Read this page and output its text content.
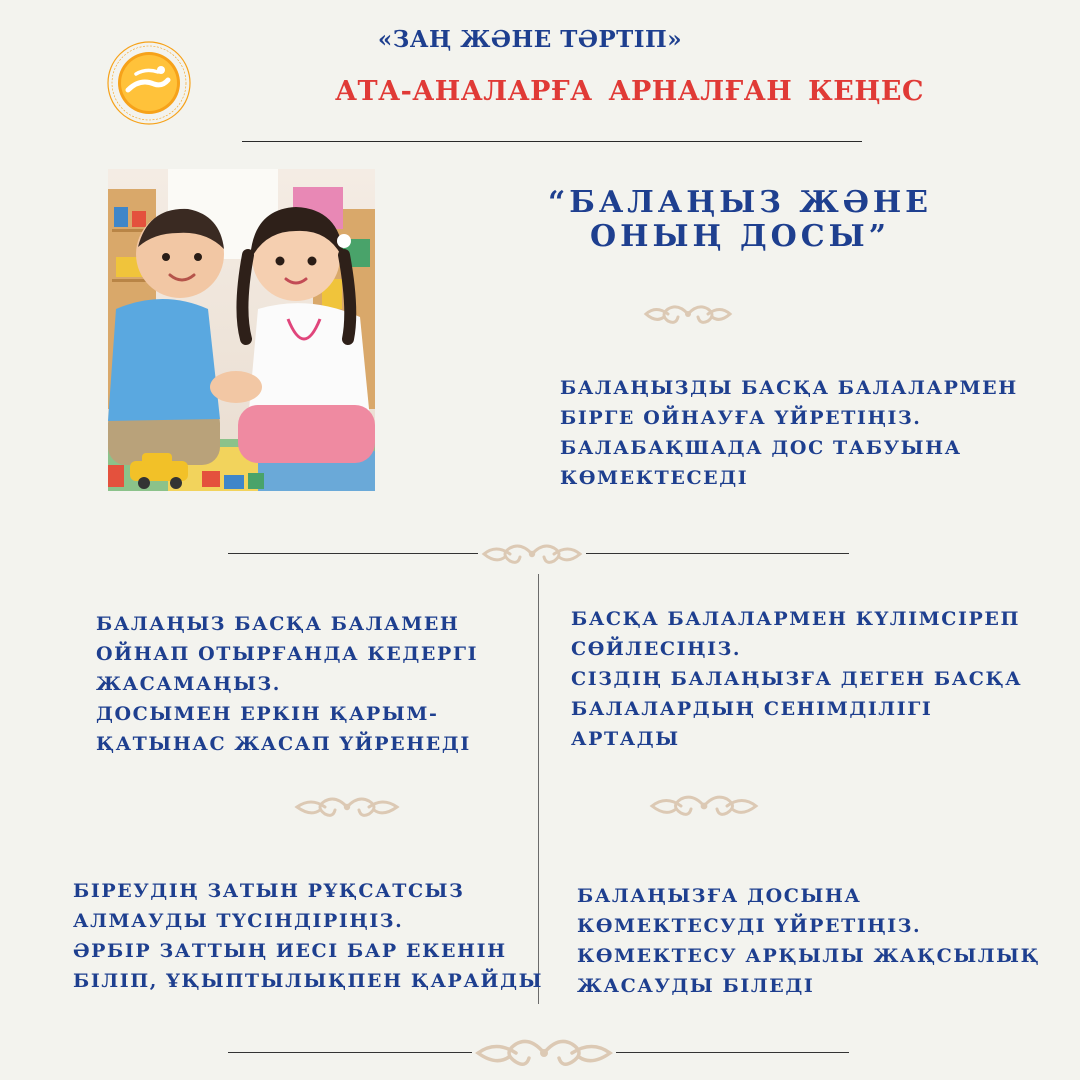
«ЗАҢ ЖӘНЕ ТӘРТІП»
АТА-АНАЛАРҒА АРНАЛҒАН КЕҢЕС
“БАЛАҢЫЗ ЖӘНЕ
ОНЫҢ ДОСЫ”
БАЛАҢЫЗДЫ БАСҚА БАЛАЛАРМЕН
БІРГЕ ОЙНАУҒА ҮЙРЕТІҢІЗ.
БАЛАБАҚШАДА ДОС ТАБУЫНА
КӨМЕКТЕСЕДІ
БАЛАҢЫЗ БАСҚА БАЛАМЕН
ОЙНАП ОТЫРҒАНДА КЕДЕРГІ
ЖАСАМАҢЫЗ.
ДОСЫМЕН ЕРКІН ҚАРЫМ-
ҚАТЫНАС ЖАСАП ҮЙРЕНЕДІ
БАСҚА БАЛАЛАРМЕН КҮЛІМСІРЕП
СӨЙЛЕСІҢІЗ.
СІЗДІҢ БАЛАҢЫЗҒА ДЕГЕН БАСҚА
БАЛАЛАРДЫҢ СЕНІМДІЛІГІ
АРТАДЫ
БІРЕУДІҢ ЗАТЫН РҰҚСАТСЫЗ
АЛМАУДЫ ТҮСІНДІРІҢІЗ.
ӘРБІР ЗАТТЫҢ ИЕСІ БАР ЕКЕНІН
БІЛІП, ҰҚЫПТЫЛЫҚПЕН ҚАРАЙДЫ
БАЛАҢЫЗҒА ДОСЫНА
КӨМЕКТЕСУДІ ҮЙРЕТІҢІЗ.
КӨМЕКТЕСУ АРҚЫЛЫ ЖАҚСЫЛЫҚ
ЖАСАУДЫ БІЛЕДІ
